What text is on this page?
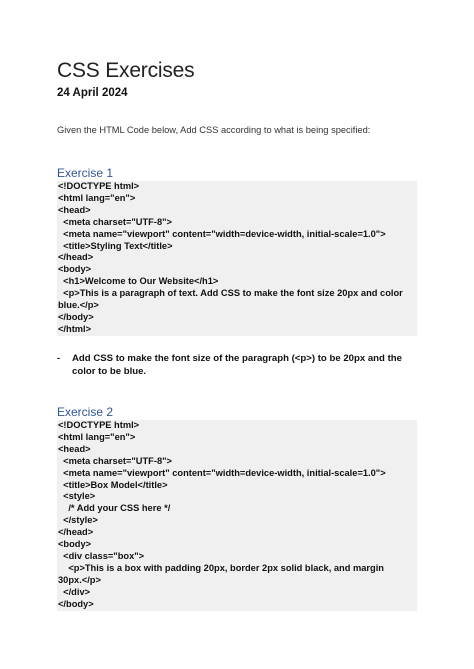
CSS Exercises
24 April 2024
Given the HTML Code below, Add CSS according to what is being specified:
Exercise 1
<!DOCTYPE html>
<html lang="en">
<head>
<meta charset="UTF-8">
<meta name="viewport" content="width=device-width, initial-scale=1.0">
<title>Styling Text</title>
</head>
<body>
<h1>Welcome to Our Website</h1>
<p>This is a paragraph of text. Add CSS to make the font size 20px and color
blue.</p>
</body>
</html>
-	Add CSS to make the font size of the paragraph (<p>) to be 20px and the color to be blue.
Exercise 2
<!DOCTYPE html>
<html lang="en">
<head>
<meta charset="UTF-8">
<meta name="viewport" content="width=device-width, initial-scale=1.0">
<title>Box Model</title>
<style>
/* Add your CSS here */
</style>
</head>
<body>
<div class="box">
<p>This is a box with padding 20px, border 2px solid black, and margin
30px.</p>
</div>
</body>
